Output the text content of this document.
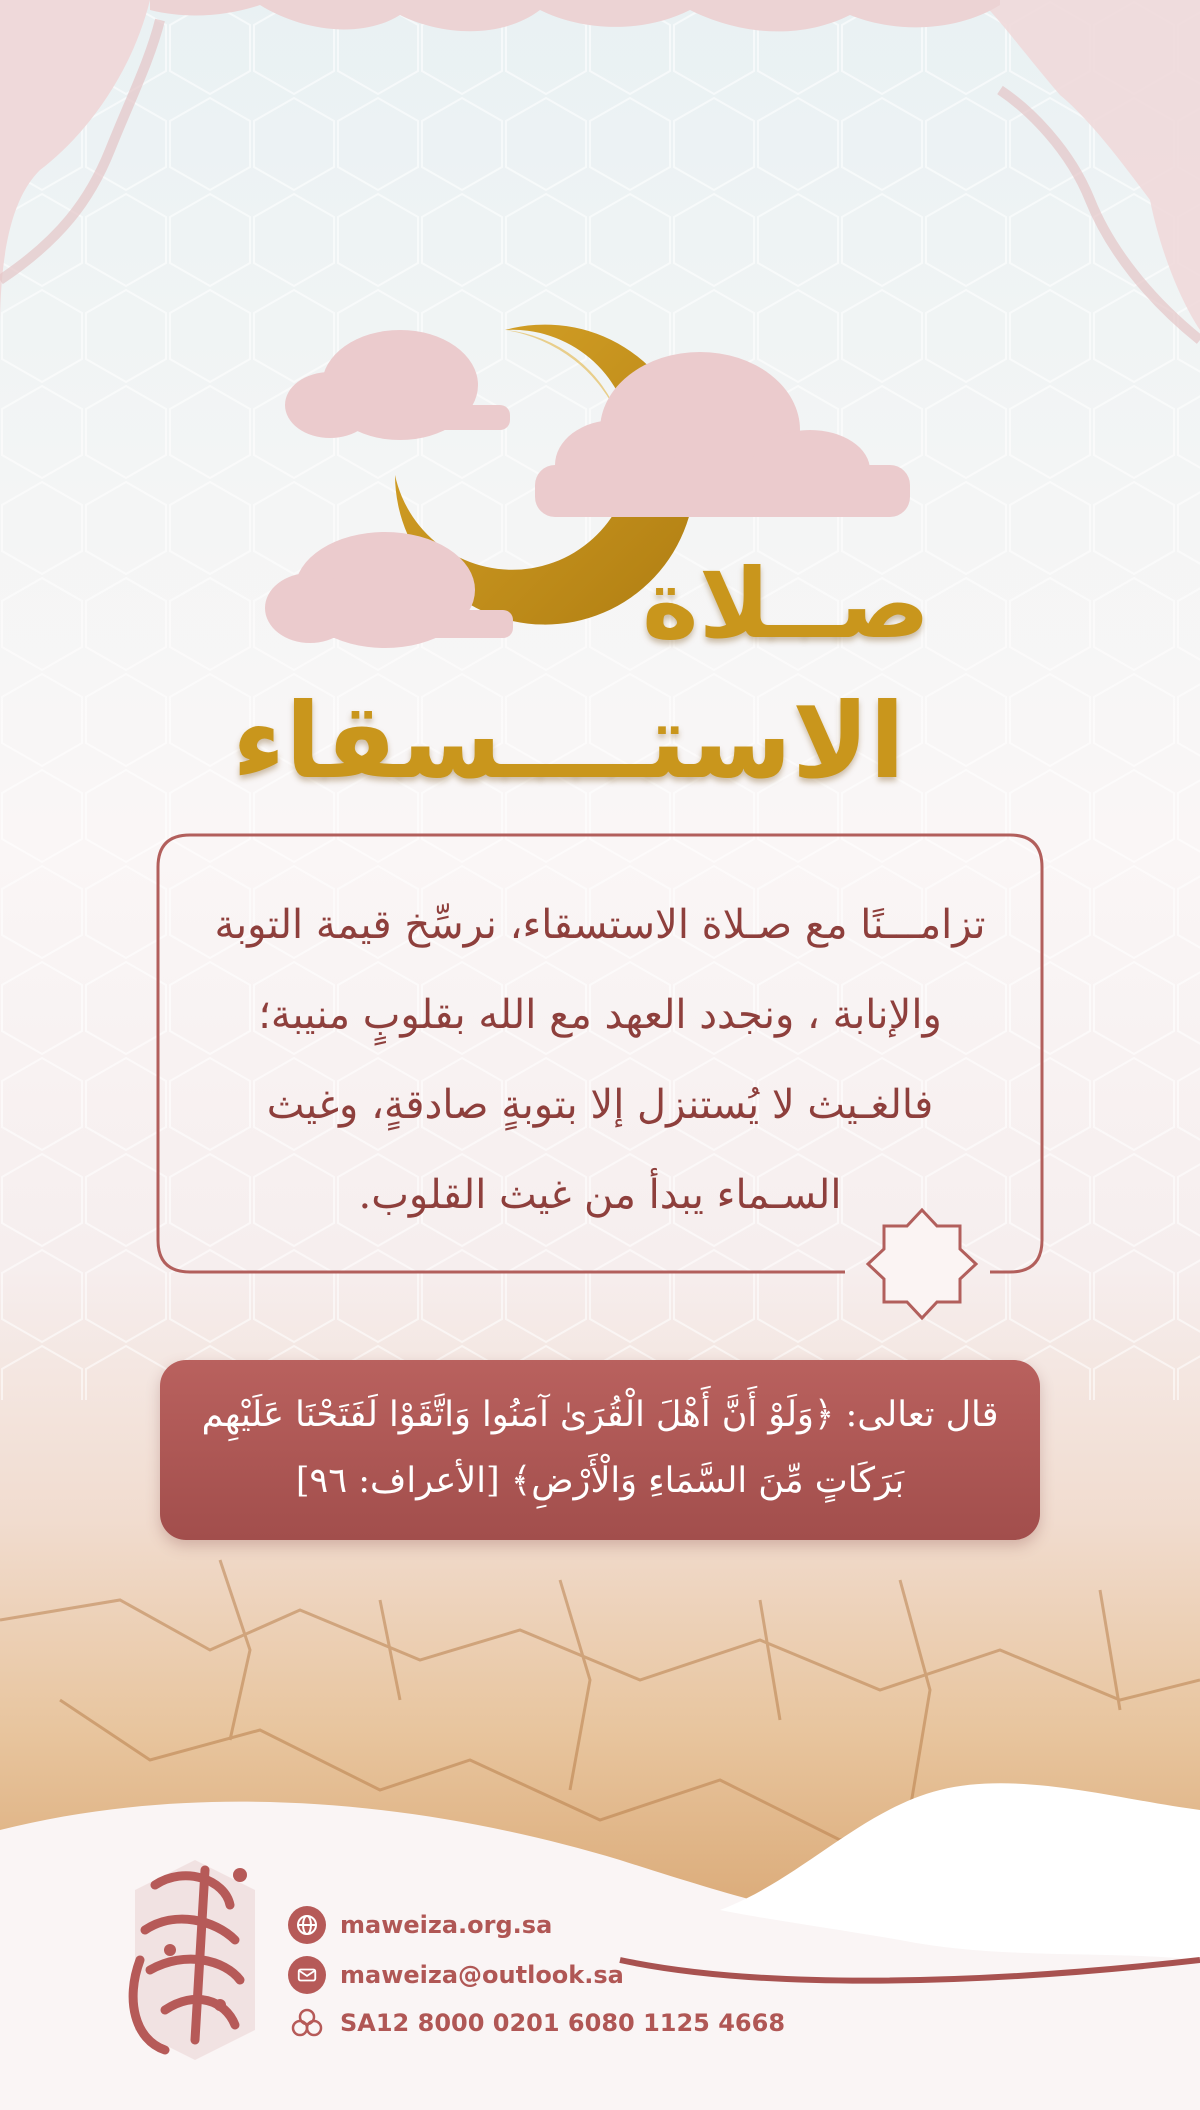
صــلاة
الاستــــسقاء
تزامـــنًا مع صـلاة الاستسقاء، نرسِّخ قيمة التوبة والإنابة ، ونجدد العهد مع الله بقلوبٍ منيبة؛ فالغـيث لا يُستنزل إلا بتوبةٍ صادقةٍ، وغيث السـماء يبدأ من غيث القلوب.
قال تعالى: ﴿وَلَوْ أَنَّ أَهْلَ الْقُرَىٰ آمَنُوا وَاتَّقَوْا لَفَتَحْنَا عَلَيْهِم بَرَكَاتٍ مِّنَ السَّمَاءِ وَالْأَرْضِ﴾ [الأعراف: ٩٦]
maweiza.org.sa
maweiza@outlook.sa
SA12 8000 0201 6080 1125 4668
